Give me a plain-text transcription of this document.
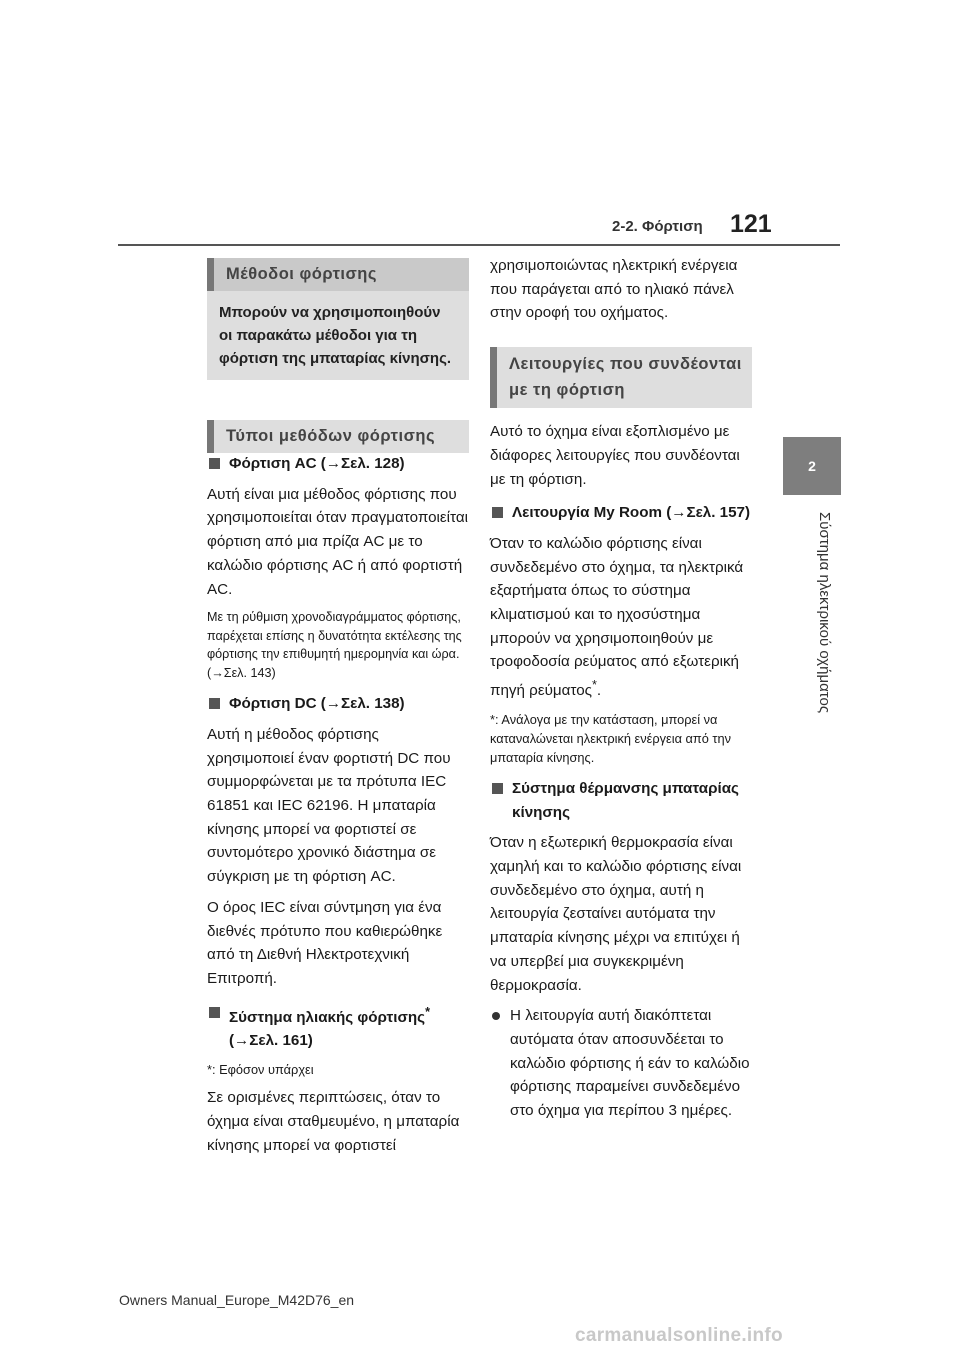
2-2. Φόρτιση 121
2
Σύστημα ηλεκτρικού οχήματος
Μέθοδοι φόρτισης
Μπορούν να χρησιμοποιηθούν οι παρακάτω μέθοδοι για τη φόρτιση της μπαταρίας κίνησης.
Τύποι μεθόδων φόρτισης

Φόρτιση AC (→Σελ. 128)

Αυτή είναι μια μέθοδος φόρτισης που χρησιμοποιείται όταν πραγματοποιείται φόρτιση από μια πρίζα AC με το καλώδιο φόρτισης AC ή από φορτιστή AC.

Με τη ρύθμιση χρονοδιαγράμματος φόρτισης, παρέχεται επίσης η δυνατότητα εκτέλεσης της φόρτισης την επιθυμητή ημερομηνία και ώρα. (→Σελ. 143)

Φόρτιση DC (→Σελ. 138)

Αυτή η μέθοδος φόρτισης χρησιμοποιεί έναν φορτιστή DC που συμμορφώνεται με τα πρότυπα IEC 61851 και IEC 62196. Η μπαταρία κίνησης μπορεί να φορτιστεί σε συντομότερο χρονικό διάστημα σε σύγκριση με τη φόρτιση AC.

Ο όρος IEC είναι σύντμηση για ένα διεθνές πρότυπο που καθιερώθηκε από τη Διεθνή Ηλεκτροτεχνική Επιτροπή.

Σύστημα ηλιακής φόρτισης*
(→Σελ. 161)

*: Εφόσον υπάρχει

Σε ορισμένες περιπτώσεις, όταν το όχημα είναι σταθμευμένο, η μπαταρία κίνησης μπορεί να φορτιστεί

χρησιμοποιώντας ηλεκτρική ενέργεια που παράγεται από το ηλιακό πάνελ στην οροφή του οχήματος.

Λειτουργίες που συνδέονται με τη φόρτιση

Αυτό το όχημα είναι εξοπλισμένο με διάφορες λειτουργίες που συνδέονται με τη φόρτιση.

Λειτουργία My Room (→Σελ. 157)

Όταν το καλώδιο φόρτισης είναι συνδεδεμένο στο όχημα, τα ηλεκτρικά εξαρτήματα όπως το σύστημα κλιματισμού και το ηχοσύστημα μπορούν να χρησιμοποιηθούν με τροφοδοσία ρεύματος από εξωτερική πηγή ρεύματος*.

*: Ανάλογα με την κατάσταση, μπορεί να καταναλώνεται ηλεκτρική ενέργεια από την μπαταρία κίνησης.

Σύστημα θέρμανσης μπαταρίας κίνησης

Όταν η εξωτερική θερμοκρασία είναι χαμηλή και το καλώδιο φόρτισης είναι συνδεδεμένο στο όχημα, αυτή η λειτουργία ζεσταίνει αυτόματα την μπαταρία κίνησης μέχρι να επιτύχει ή να υπερβεί μια συγκεκριμένη θερμοκρασία.

Η λειτουργία αυτή διακόπτεται αυτόματα όταν αποσυνδέεται το καλώδιο φόρτισης ή εάν το καλώδιο φόρτισης παραμείνει συνδεδεμένο στο όχημα για περίπου 3 ημέρες.

Owners Manual_Europe_M42D76_en
carmanualsonline.info
